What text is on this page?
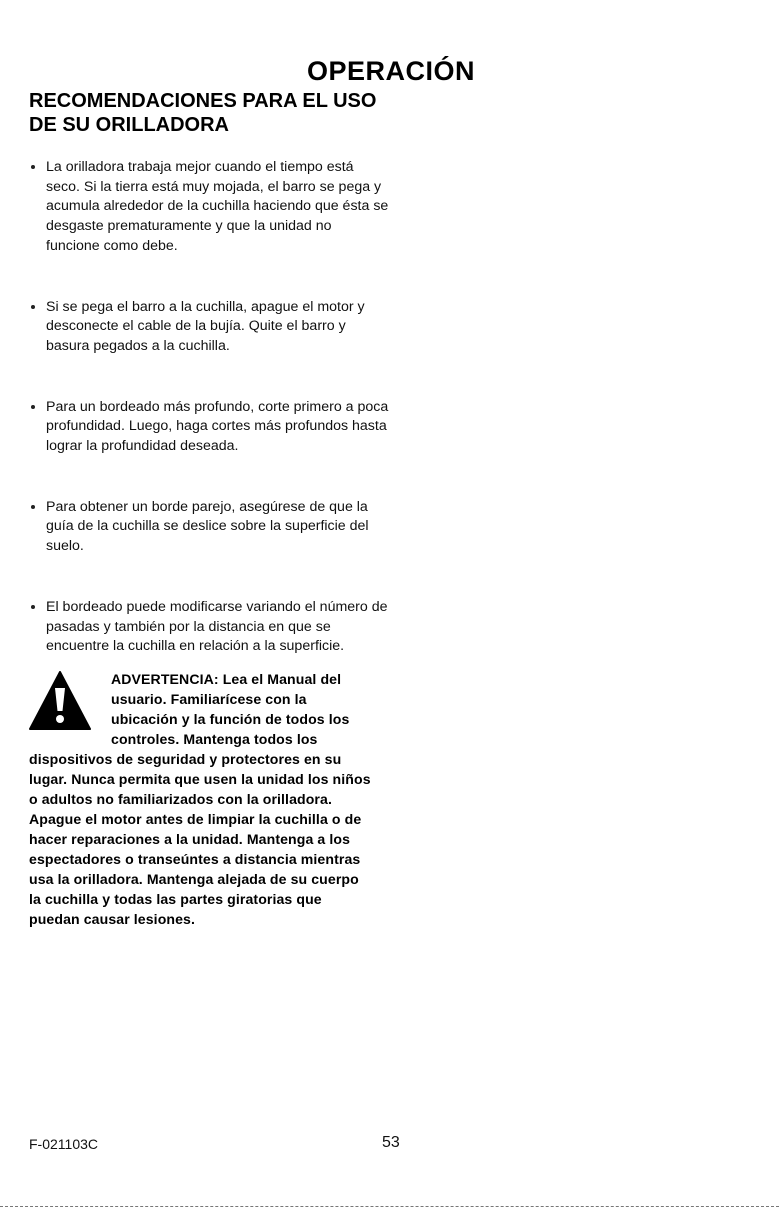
OPERACIÓN
RECOMENDACIONES PARA EL USO DE SU ORILLADORA
La orilladora trabaja mejor cuando el tiempo está seco. Si la tierra está muy mojada, el barro se pega y acumula alrededor de la cuchilla haciendo que ésta se desgaste prematuramente y que la unidad no funcione como debe.
Si se pega el barro a la cuchilla, apague el motor y desconecte el cable de la bujía. Quite el barro y basura pegados a la cuchilla.
Para un bordeado más profundo, corte primero a poca profundidad. Luego, haga cortes más profundos hasta lograr la profundidad deseada.
Para obtener un borde parejo, asegúrese de que la guía de la cuchilla se deslice sobre la superficie del suelo.
El bordeado puede modificarse variando el número de pasadas y también por la distancia en que se encuentre la cuchilla en relación a la superficie.

ADVERTENCIA: Lea el Manual del usuario. Familiarícese con la ubicación y la función de todos los controles. Mantenga todos los dispositivos de seguridad y protectores en su lugar. Nunca permita que usen la unidad los niños o adultos no familiarizados con la orilladora. Apague el motor antes de limpiar la cuchilla o de hacer reparaciones a la unidad. Mantenga a los espectadores o transeúntes a distancia mientras usa la orilladora. Mantenga alejada de su cuerpo la cuchilla y todas las partes giratorias que puedan causar lesiones.

F-021103C	53
